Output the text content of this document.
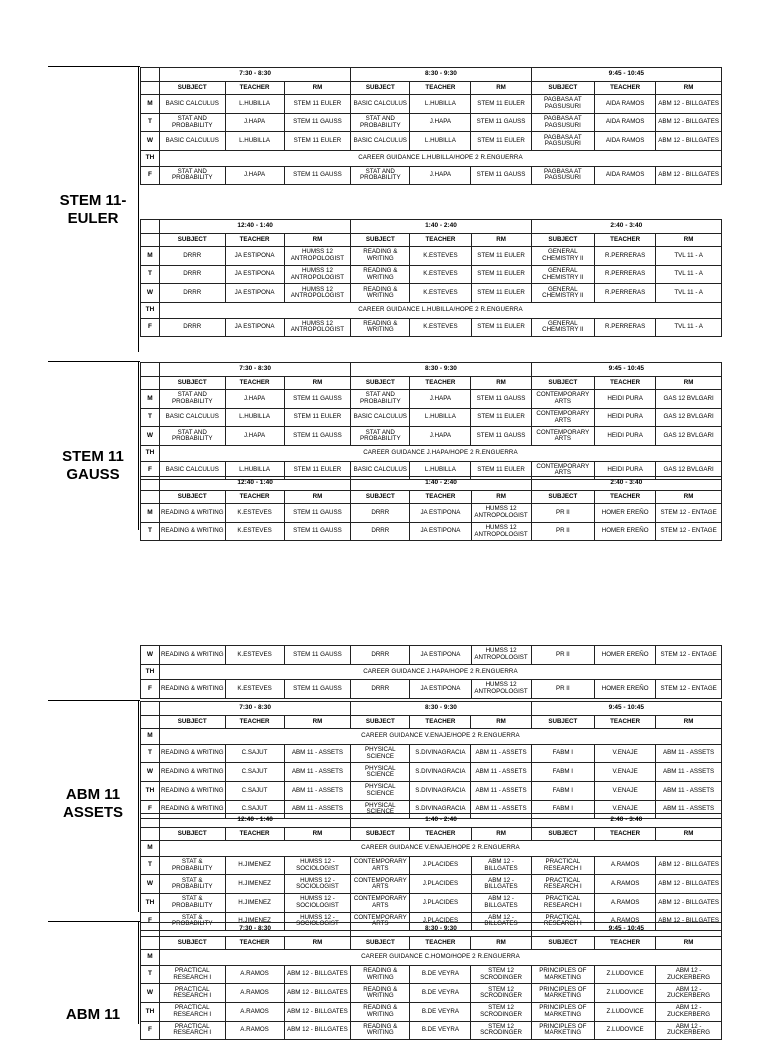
STEM 11-
EULER
	7:30 - 8:30			8:30 - 9:30			9:45 - 10:45		
	SUBJECT	TEACHER	RM	SUBJECT	TEACHER	RM	SUBJECT	TEACHER	RM
M	BASIC CALCULUS	L.HUBILLA	STEM 11 EULER	BASIC CALCULUS	L.HUBILLA	STEM 11 EULER	PAGBASA AT PAGSUSURI	AIDA RAMOS	ABM 12 - BILLGATES
T	STAT AND PROBABILITY	J.HAPA	STEM 11 GAUSS	STAT AND PROBABILITY	J.HAPA	STEM 11 GAUSS	PAGBASA AT PAGSUSURI	AIDA RAMOS	ABM 12 - BILLGATES
W	BASIC CALCULUS	L.HUBILLA	STEM 11 EULER	BASIC CALCULUS	L.HUBILLA	STEM 11 EULER	PAGBASA AT PAGSUSURI	AIDA RAMOS	ABM 12 - BILLGATES
TH	CAREER GUIDANCE L.HUBILLA/HOPE 2 R.ENGUERRA								
F	STAT AND PROBABILITY	J.HAPA	STEM 11 GAUSS	STAT AND PROBABILITY	J.HAPA	STEM 11 GAUSS	PAGBASA AT PAGSUSURI	AIDA RAMOS	ABM 12 - BILLGATES
	12:40 - 1:40			1:40 - 2:40			2:40 - 3:40		
	SUBJECT	TEACHER	RM	SUBJECT	TEACHER	RM	SUBJECT	TEACHER	RM
M	DRRR	JA ESTIPONA	HUMSS 12 ANTROPOLOGIST	READING & WRITING	K.ESTEVES	STEM 11 EULER	GENERAL CHEMISTRY II	R.PERRERAS	TVL 11 - A
T	DRRR	JA ESTIPONA	HUMSS 12 ANTROPOLOGIST	READING & WRITING	K.ESTEVES	STEM 11 EULER	GENERAL CHEMISTRY II	R.PERRERAS	TVL 11 - A
W	DRRR	JA ESTIPONA	HUMSS 12 ANTROPOLOGIST	READING & WRITING	K.ESTEVES	STEM 11 EULER	GENERAL CHEMISTRY II	R.PERRERAS	TVL 11 - A
TH	CAREER GUIDANCE L.HUBILLA/HOPE 2 R.ENGUERRA								
F	DRRR	JA ESTIPONA	HUMSS 12 ANTROPOLOGIST	READING & WRITING	K.ESTEVES	STEM 11 EULER	GENERAL CHEMISTRY II	R.PERRERAS	TVL 11 - A
STEM 11
GAUSS
	7:30 - 8:30			8:30 - 9:30			9:45 - 10:45		
	SUBJECT	TEACHER	RM	SUBJECT	TEACHER	RM	SUBJECT	TEACHER	RM
M	STAT AND PROBABILITY	J.HAPA	STEM 11 GAUSS	STAT AND PROBABILITY	J.HAPA	STEM 11 GAUSS	CONTEMPORARY ARTS	HEIDI PURA	GAS 12 BVLGARI
T	BASIC CALCULUS	L.HUBILLA	STEM 11 EULER	BASIC CALCULUS	L.HUBILLA	STEM 11 EULER	CONTEMPORARY ARTS	HEIDI PURA	GAS 12 BVLGARI
W	STAT AND PROBABILITY	J.HAPA	STEM 11 GAUSS	STAT AND PROBABILITY	J.HAPA	STEM 11 GAUSS	CONTEMPORARY ARTS	HEIDI PURA	GAS 12 BVLGARI
TH	CAREER GUIDANCE J.HAPA/HOPE 2 R.ENGUERRA								
F	BASIC CALCULUS	L.HUBILLA	STEM 11 EULER	BASIC CALCULUS	L.HUBILLA	STEM 11 EULER	CONTEMPORARY ARTS	HEIDI PURA	GAS 12 BVLGARI
	12:40 - 1:40			1:40 - 2:40			2:40 - 3:40		
	SUBJECT	TEACHER	RM	SUBJECT	TEACHER	RM	SUBJECT	TEACHER	RM
M	READING & WRITING	K.ESTEVES	STEM 11 GAUSS	DRRR	JA ESTIPONA	HUMSS 12 ANTROPOLOGIST	PR II	HOMER EREÑO	STEM 12 - ENTAGE
T	READING & WRITING	K.ESTEVES	STEM 11 GAUSS	DRRR	JA ESTIPONA	HUMSS 12 ANTROPOLOGIST	PR II	HOMER EREÑO	STEM 12 - ENTAGE
W	READING & WRITING	K.ESTEVES	STEM 11 GAUSS	DRRR	JA ESTIPONA	HUMSS 12 ANTROPOLOGIST	PR II	HOMER EREÑO	STEM 12 - ENTAGE
TH	CAREER GUIDANCE J.HAPA/HOPE 2 R.ENGUERRA								
F	READING & WRITING	K.ESTEVES	STEM 11 GAUSS	DRRR	JA ESTIPONA	HUMSS 12 ANTROPOLOGIST	PR II	HOMER EREÑO	STEM 12 - ENTAGE
ABM 11
ASSETS
	7:30 - 8:30			8:30 - 9:30			9:45 - 10:45		
	SUBJECT	TEACHER	RM	SUBJECT	TEACHER	RM	SUBJECT	TEACHER	RM
M	CAREER GUIDANCE V.ENAJE/HOPE 2 R.ENGUERRA								
T	READING & WRITING	C.SAJUT	ABM 11 - ASSETS	PHYSICAL SCIENCE	S.DIVINAGRACIA	ABM 11 - ASSETS	FABM I	V.ENAJE	ABM 11 - ASSETS
W	READING & WRITING	C.SAJUT	ABM 11 - ASSETS	PHYSICAL SCIENCE	S.DIVINAGRACIA	ABM 11 - ASSETS	FABM I	V.ENAJE	ABM 11 - ASSETS
TH	READING & WRITING	C.SAJUT	ABM 11 - ASSETS	PHYSICAL SCIENCE	S.DIVINAGRACIA	ABM 11 - ASSETS	FABM I	V.ENAJE	ABM 11 - ASSETS
F	READING & WRITING	C.SAJUT	ABM 11 - ASSETS	PHYSICAL SCIENCE	S.DIVINAGRACIA	ABM 11 - ASSETS	FABM I	V.ENAJE	ABM 11 - ASSETS
	12:40 - 1:40			1:40 - 2:40			2:40 - 3:40		
	SUBJECT	TEACHER	RM	SUBJECT	TEACHER	RM	SUBJECT	TEACHER	RM
M	CAREER GUIDANCE V.ENAJE/HOPE 2 R.ENGUERRA								
T	STAT & PROBABILITY	H.JIMENEZ	HUMSS 12 - SOCIOLOGIST	CONTEMPORARY ARTS	J.PLACIDES	ABM 12 - BILLGATES	PRACTICAL RESEARCH I	A.RAMOS	ABM 12 - BILLGATES
W	STAT & PROBABILITY	H.JIMENEZ	HUMSS 12 - SOCIOLOGIST	CONTEMPORARY ARTS	J.PLACIDES	ABM 12 - BILLGATES	PRACTICAL RESEARCH I	A.RAMOS	ABM 12 - BILLGATES
TH	STAT & PROBABILITY	H.JIMENEZ	HUMSS 12 - SOCIOLOGIST	CONTEMPORARY ARTS	J.PLACIDES	ABM 12 - BILLGATES	PRACTICAL RESEARCH I	A.RAMOS	ABM 12 - BILLGATES
F	STAT & PROBABILITY	H.JIMENEZ	HUMSS 12 - SOCIOLOGIST	CONTEMPORARY ARTS	J.PLACIDES	ABM 12 - BILLGATES	PRACTICAL RESEARCH I	A.RAMOS	ABM 12 - BILLGATES
ABM 11
	7:30 - 8:30			8:30 - 9:30			9:45 - 10:45		
	SUBJECT	TEACHER	RM	SUBJECT	TEACHER	RM	SUBJECT	TEACHER	RM
M	CAREER GUIDANCE C.HOMO/HOPE 2 R.ENGUERRA								
T	PRACTICAL RESEARCH I	A.RAMOS	ABM 12 - BILLGATES	READING & WRITING	B.DE VEYRA	STEM 12 SCRODINGER	PRINCIPLES OF MARKETING	Z.LUDOVICE	ABM 12 -ZUCKERBERG
W	PRACTICAL RESEARCH I	A.RAMOS	ABM 12 - BILLGATES	READING & WRITING	B.DE VEYRA	STEM 12 SCRODINGER	PRINCIPLES OF MARKETING	Z.LUDOVICE	ABM 12 -ZUCKERBERG
TH	PRACTICAL RESEARCH I	A.RAMOS	ABM 12 - BILLGATES	READING & WRITING	B.DE VEYRA	STEM 12 SCRODINGER	PRINCIPLES OF MARKETING	Z.LUDOVICE	ABM 12 -ZUCKERBERG
F	PRACTICAL RESEARCH I	A.RAMOS	ABM 12 - BILLGATES	READING & WRITING	B.DE VEYRA	STEM 12 SCRODINGER	PRINCIPLES OF MARKETING	Z.LUDOVICE	ABM 12 -ZUCKERBERG
